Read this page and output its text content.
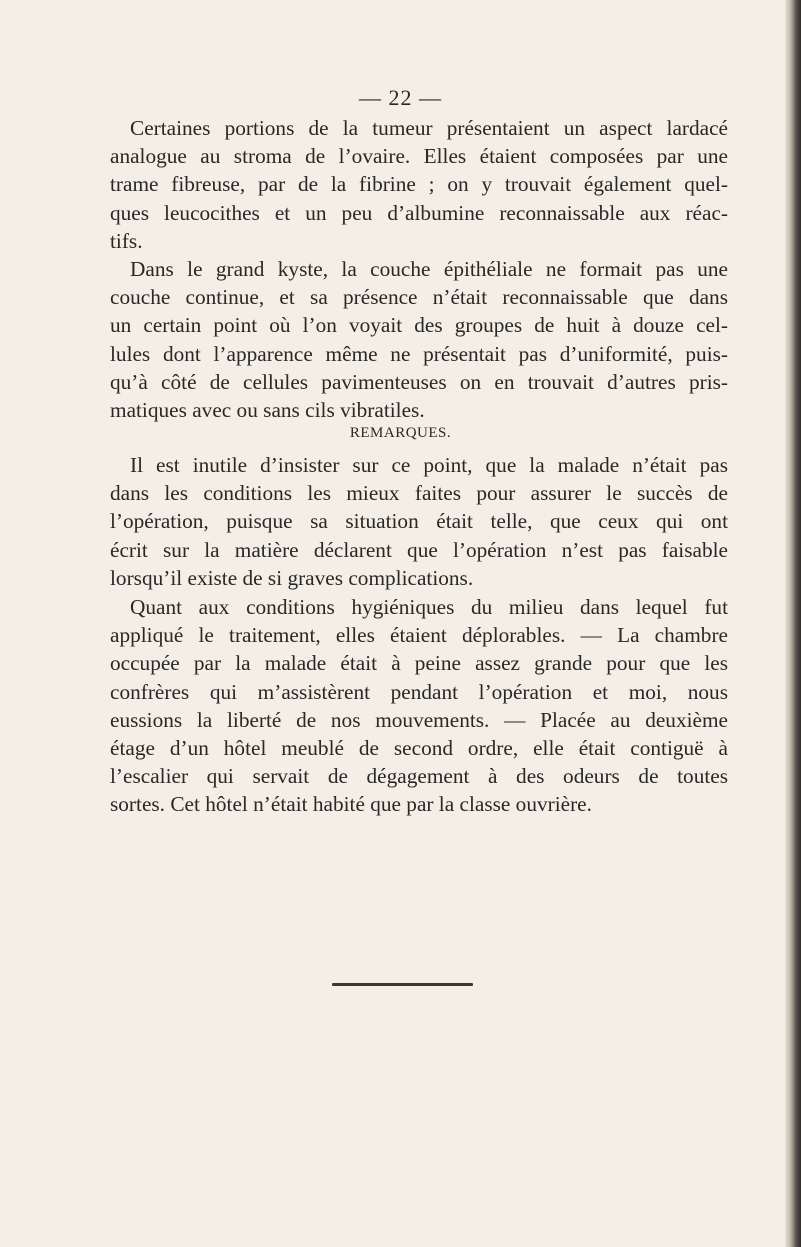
— 22 —
Certaines portions de la tumeur présentaient un aspect lardacé
analogue au stroma de l’ovaire. Elles étaient composées par une
trame fibreuse, par de la fibrine ; on y trouvait également quel-
ques leucocithes et un peu d’albumine reconnaissable aux réac-
tifs.
Dans le grand kyste, la couche épithéliale ne formait pas une
couche continue, et sa présence n’était reconnaissable que dans
un certain point où l’on voyait des groupes de huit à douze cel-
lules dont l’apparence même ne présentait pas d’uniformité, puis-
qu’à côté de cellules pavimenteuses on en trouvait d’autres pris-
matiques avec ou sans cils vibratiles.
REMARQUES.
Il est inutile d’insister sur ce point, que la malade n’était pas
dans les conditions les mieux faites pour assurer le succès de
l’opération, puisque sa situation était telle, que ceux qui ont
écrit sur la matière déclarent que l’opération n’est pas faisable
lorsqu’il existe de si graves complications.
Quant aux conditions hygiéniques du milieu dans lequel fut
appliqué le traitement, elles étaient déplorables. — La chambre
occupée par la malade était à peine assez grande pour que les
confrères qui m’assistèrent pendant l’opération et moi, nous
eussions la liberté de nos mouvements. — Placée au deuxième
étage d’un hôtel meublé de second ordre, elle était contiguë à
l’escalier qui servait de dégagement à des odeurs de toutes
sortes. Cet hôtel n’était habité que par la classe ouvrière.
